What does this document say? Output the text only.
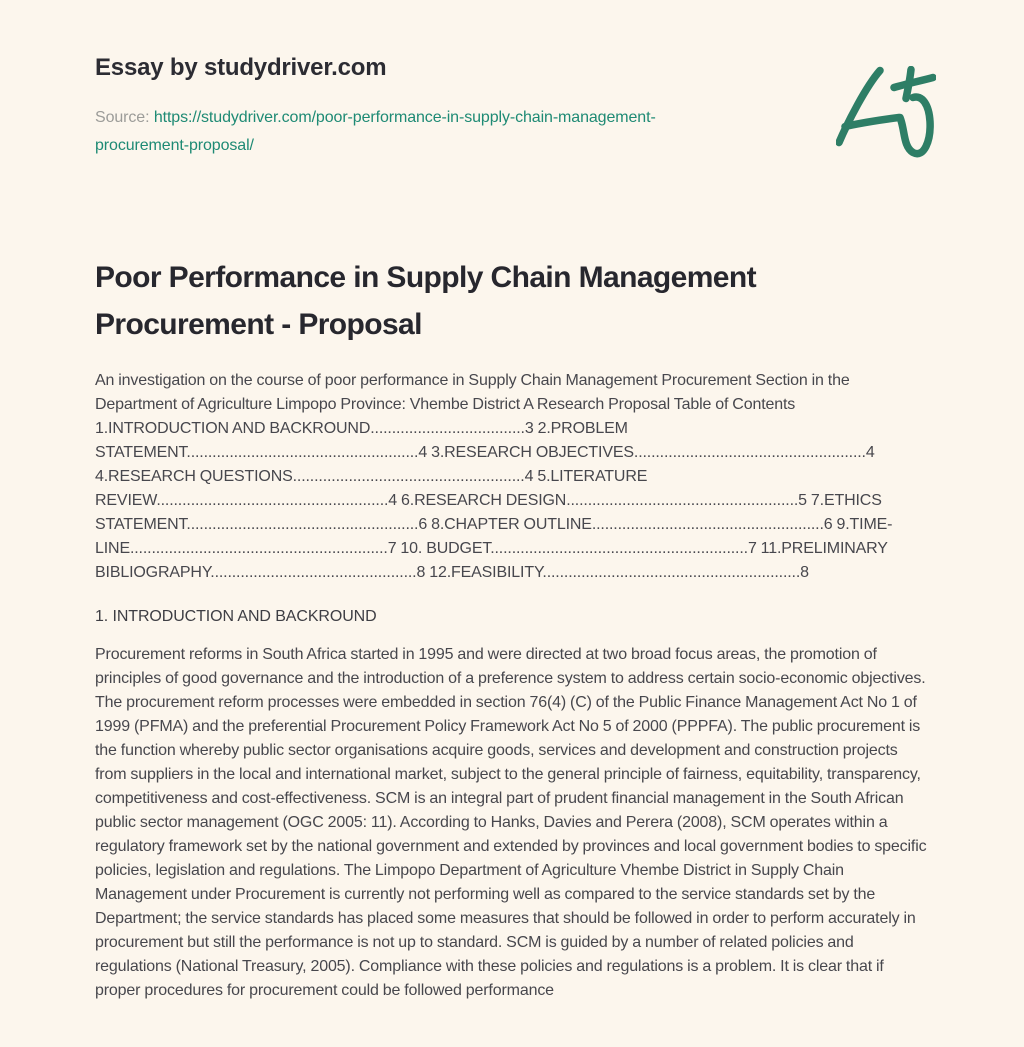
Essay by studydriver.com

Source: https://studydriver.com/poor-performance-in-supply-chain-management-procurement-proposal/

Poor Performance in Supply Chain Management Procurement - Proposal

An investigation on the course of poor performance in Supply Chain Management Procurement Section in the Department of Agriculture Limpopo Province: Vhembe District A Research Proposal Table of Contents 1.INTRODUCTION AND BACKROUND....................................3 2.PROBLEM STATEMENT......................................................4 3.RESEARCH OBJECTIVES......................................................4 4.RESEARCH QUESTIONS......................................................4 5.LITERATURE REVIEW......................................................4 6.RESEARCH DESIGN......................................................5 7.ETHICS STATEMENT......................................................6 8.CHAPTER OUTLINE......................................................6 9.TIME-LINE............................................................7 10. BUDGET............................................................7 11.PRELIMINARY BIBLIOGRAPHY................................................8 12.FEASIBILITY............................................................8

1. INTRODUCTION AND BACKROUND

Procurement reforms in South Africa started in 1995 and were directed at two broad focus areas, the promotion of principles of good governance and the introduction of a preference system to address certain socio-economic objectives. The procurement reform processes were embedded in section 76(4) (C) of the Public Finance Management Act No 1 of 1999 (PFMA) and the preferential Procurement Policy Framework Act No 5 of 2000 (PPPFA). The public procurement is the function whereby public sector organisations acquire goods, services and development and construction projects from suppliers in the local and international market, subject to the general principle of fairness, equitability, transparency, competitiveness and cost-effectiveness. SCM is an integral part of prudent financial management in the South African public sector management (OGC 2005: 11). According to Hanks, Davies and Perera (2008), SCM operates within a regulatory framework set by the national government and extended by provinces and local government bodies to specific policies, legislation and regulations. The Limpopo Department of Agriculture Vhembe District in Supply Chain Management under Procurement is currently not performing well as compared to the service standards set by the Department; the service standards has placed some measures that should be followed in order to perform accurately in procurement but still the performance is not up to standard. SCM is guided by a number of related policies and regulations (National Treasury, 2005). Compliance with these policies and regulations is a problem. It is clear that if proper procedures for procurement could be followed performance
